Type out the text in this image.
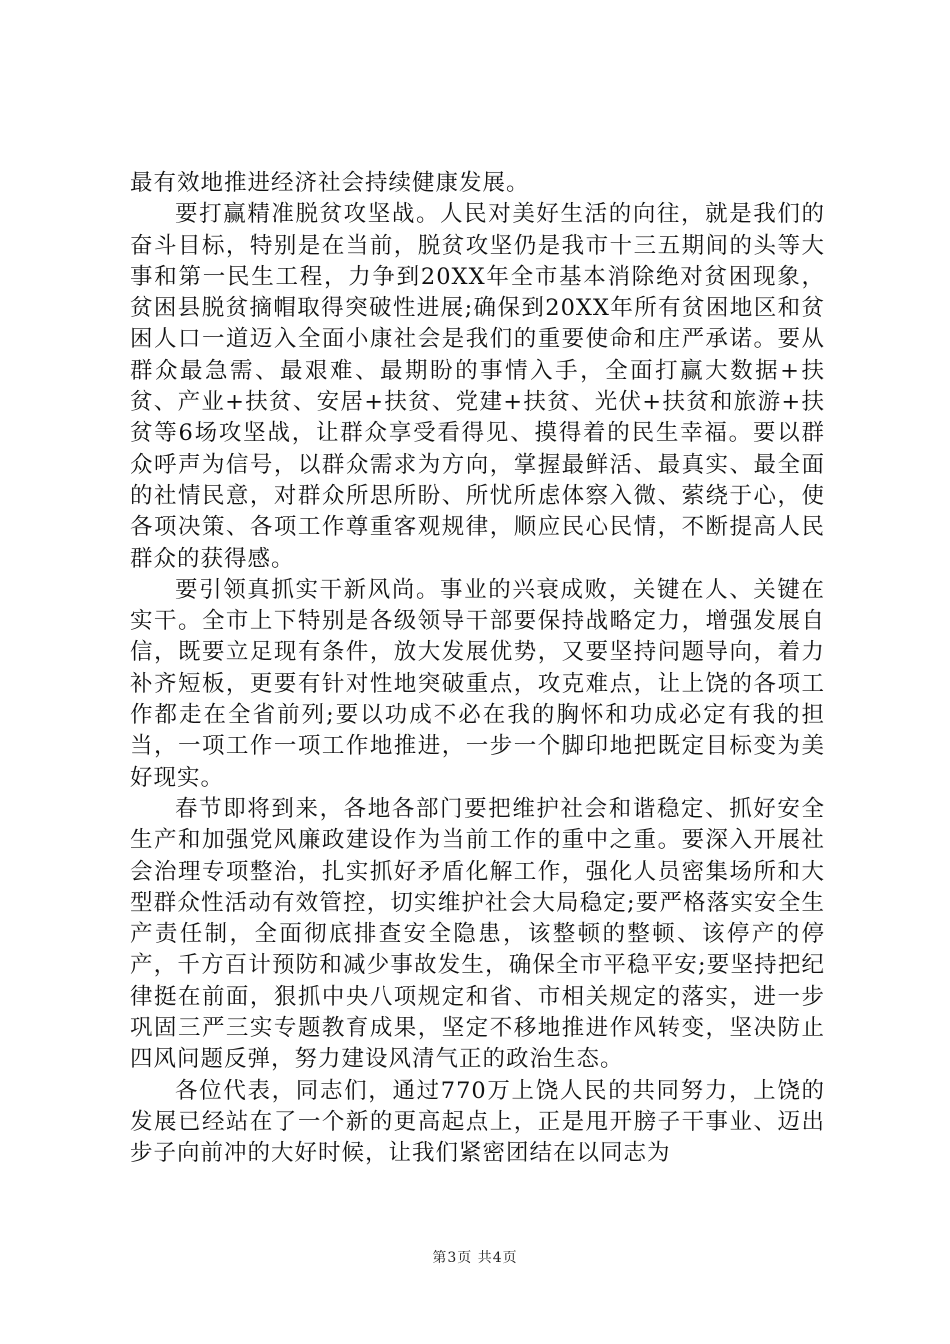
最有效地推进经济社会持续健康发展。

要打赢精准脱贫攻坚战。人民对美好生活的向往，就是我们的奋斗目标，特别是在当前，脱贫攻坚仍是我市十三五期间的头等大事和第一民生工程，力争到20XX年全市基本消除绝对贫困现象，贫困县脱贫摘帽取得突破性进展;确保到20XX年所有贫困地区和贫困人口一道迈入全面小康社会是我们的重要使命和庄严承诺。要从群众最急需、最艰难、最期盼的事情入手，全面打赢大数据+扶贫、产业+扶贫、安居+扶贫、党建+扶贫、光伏+扶贫和旅游+扶贫等6场攻坚战，让群众享受看得见、摸得着的民生幸福。要以群众呼声为信号，以群众需求为方向，掌握最鲜活、最真实、最全面的社情民意，对群众所思所盼、所忧所虑体察入微、萦绕于心，使各项决策、各项工作尊重客观规律，顺应民心民情，不断提高人民群众的获得感。

要引领真抓实干新风尚。事业的兴衰成败，关键在人、关键在实干。全市上下特别是各级领导干部要保持战略定力，增强发展自信，既要立足现有条件，放大发展优势，又要坚持问题导向，着力补齐短板，更要有针对性地突破重点，攻克难点，让上饶的各项工作都走在全省前列;要以功成不必在我的胸怀和功成必定有我的担当，一项工作一项工作地推进，一步一个脚印地把既定目标变为美好现实。

春节即将到来，各地各部门要把维护社会和谐稳定、抓好安全生产和加强党风廉政建设作为当前工作的重中之重。要深入开展社会治理专项整治，扎实抓好矛盾化解工作，强化人员密集场所和大型群众性活动有效管控，切实维护社会大局稳定;要严格落实安全生产责任制，全面彻底排查安全隐患，该整顿的整顿、该停产的停产，千方百计预防和减少事故发生，确保全市平稳平安;要坚持把纪律挺在前面，狠抓中央八项规定和省、市相关规定的落实，进一步巩固三严三实专题教育成果，坚定不移地推进作风转变，坚决防止四风问题反弹，努力建设风清气正的政治生态。

各位代表，同志们，通过770万上饶人民的共同努力，上饶的发展已经站在了一个新的更高起点上，正是甩开膀子干事业、迈出步子向前冲的大好时候，让我们紧密团结在以同志为

第3页 共4页
